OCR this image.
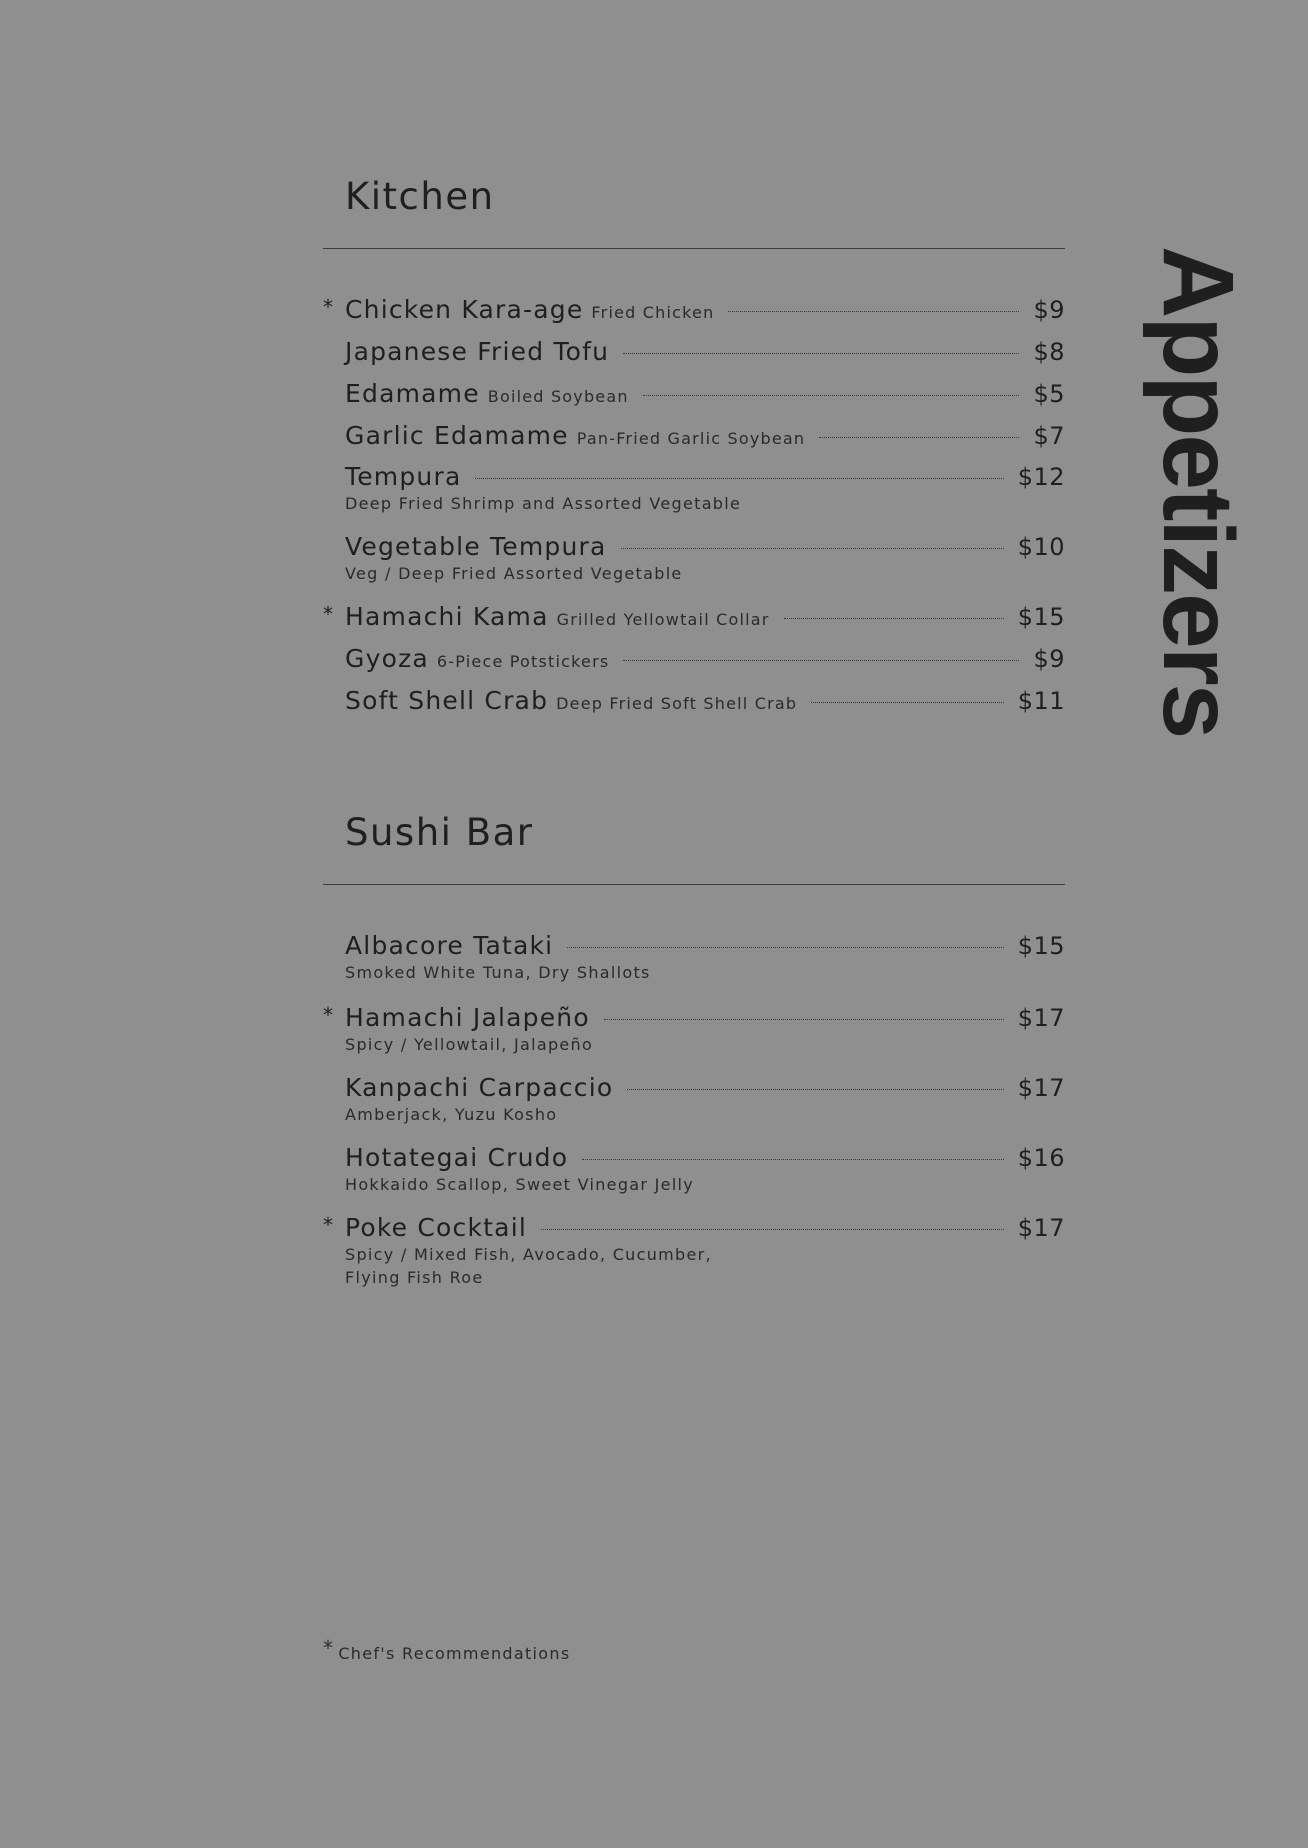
Appetizers
Kitchen
* Chicken Kara-age Fried Chicken	$9
Japanese Fried Tofu	$8
Edamame Boiled Soybean	$5
Garlic Edamame Pan-Fried Garlic Soybean	$7
Tempura	$12
Deep Fried Shrimp and Assorted Vegetable
Vegetable Tempura	$10
Veg / Deep Fried Assorted Vegetable
* Hamachi Kama Grilled Yellowtail Collar	$15
Gyoza 6-Piece Potstickers	$9
Soft Shell Crab Deep Fried Soft Shell Crab	$11
Sushi Bar
Albacore Tataki	$15
Smoked White Tuna, Dry Shallots
* Hamachi Jalapeño	$17
Spicy / Yellowtail, Jalapeño
Kanpachi Carpaccio	$17
Amberjack, Yuzu Kosho
Hotategai Crudo	$16
Hokkaido Scallop, Sweet Vinegar Jelly
* Poke Cocktail	$17
Spicy / Mixed Fish, Avocado, Cucumber,
Flying Fish Roe
* Chef's Recommendations
